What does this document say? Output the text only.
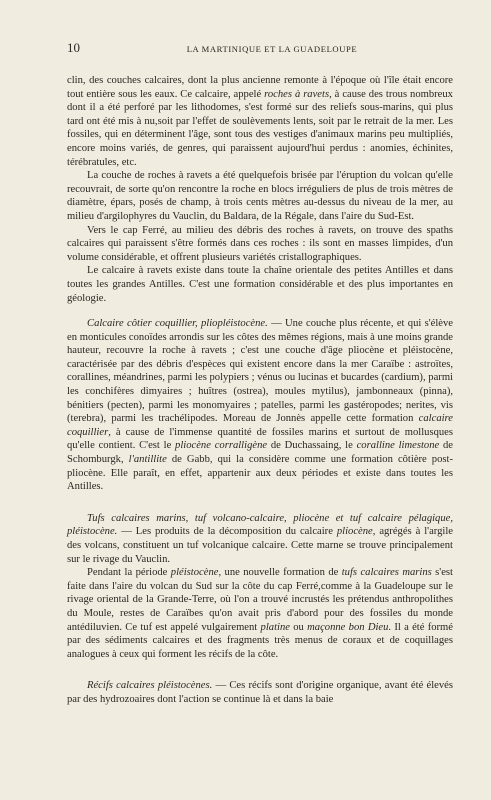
10	LA MARTINIQUE ET LA GUADELOUPE

clin, des couches calcaires, dont la plus ancienne remonte à l'époque où l'île était encore tout entière sous les eaux. Ce calcaire, appelé roches à ravets, à cause des trous nombreux dont il a été perforé par les lithodomes, s'est formé sur des reliefs sous-marins, qui plus tard ont été mis à nu,soit par l'effet de soulèvements lents, soit par le retrait de la mer. Les fossiles, qui en déterminent l'âge, sont tous des vestiges d'animaux marins peu multipliés, encore moins variés, de genres, qui paraissent aujourd'hui perdus : anomies, échinites, térébratules, etc.

La couche de roches à ravets a été quelquefois brisée par l'éruption du volcan qu'elle recouvrait, de sorte qu'on rencontre la roche en blocs irréguliers de plus de trois mètres de diamètre, épars, posés de champ, à trois cents mètres au-dessus du niveau de la mer, au milieu d'argilophyres du Vauclin, du Baldara, de la Régale, dans l'aire du Sud-Est.

Vers le cap Ferré, au milieu des débris des roches à ravets, on trouve des spaths calcaires qui paraissent s'être formés dans ces roches : ils sont en masses limpides, d'un volume considérable, et offrent plusieurs variétés cristallographiques.

Le calcaire à ravets existe dans toute la chaîne orientale des petites Antilles et dans toutes les grandes Antilles. C'est une formation considérable et des plus importantes en géologie.

Calcaire côtier coquillier, pliopléistocène. — Une couche plus récente, et qui s'élève en monticules conoïdes arrondis sur les côtes des mêmes régions, mais à une moins grande hauteur, recouvre la roche à ravets ; c'est une couche d'âge pliocène et pléistocène, caractérisée par des débris d'espèces qui existent encore dans la mer Caraïbe : astroïtes, corallines, méandrines, parmi les polypiers ; vénus ou lucinas et bucardes (cardium), parmi les conchifères dimyaires ; huîtres (ostrea), moules mytilus), jambonneaux (pinna), bénitiers (pecten), parmi les monomyaires ; patelles, parmi les gastéropodes; nerites, vis (terebra), parmi les trachélipodes. Moreau de Jonnès appelle cette formation calcaire coquillier, à cause de l'immense quantité de fossiles marins et surtout de mollusques qu'elle contient. C'est le pliocène corralligène de Duchassaing, le coralline limestone de Schomburgk, l'antillite de Gabb, qui la considère comme une formation côtière post-pliocène. Elle paraît, en effet, appartenir aux deux périodes et existe dans toutes les Antilles.

Tufs calcaires marins, tuf volcano-calcaire, pliocène et tuf calcaire pélagique, pléistocène. — Les produits de la décomposition du calcaire pliocène, agrégés à l'argile des volcans, constituent un tuf volcanique calcaire. Cette marne se trouve principalement sur le rivage du Vauclin.

Pendant la période pléistocène, une nouvelle formation de tufs calcaires marins s'est faite dans l'aire du volcan du Sud sur la côte du cap Ferré,comme à la Guadeloupe sur le rivage oriental de la Grande-Terre, où l'on a trouvé incrustés les prétendus anthropolithes du Moule, restes de Caraïbes qu'on avait pris d'abord pour des fossiles du monde antédiluvien. Ce tuf est appelé vulgairement platine ou maçonne bon Dieu. Il a été formé par des sédiments calcaires et des fragments très menus de coraux et de coquillages analogues à ceux qui forment les récifs de la côte.

Récifs calcaires pléistocènes. — Ces récifs sont d'origine organique, avant été élevés par des hydrozoaires dont l'action se continue là et dans la baie
